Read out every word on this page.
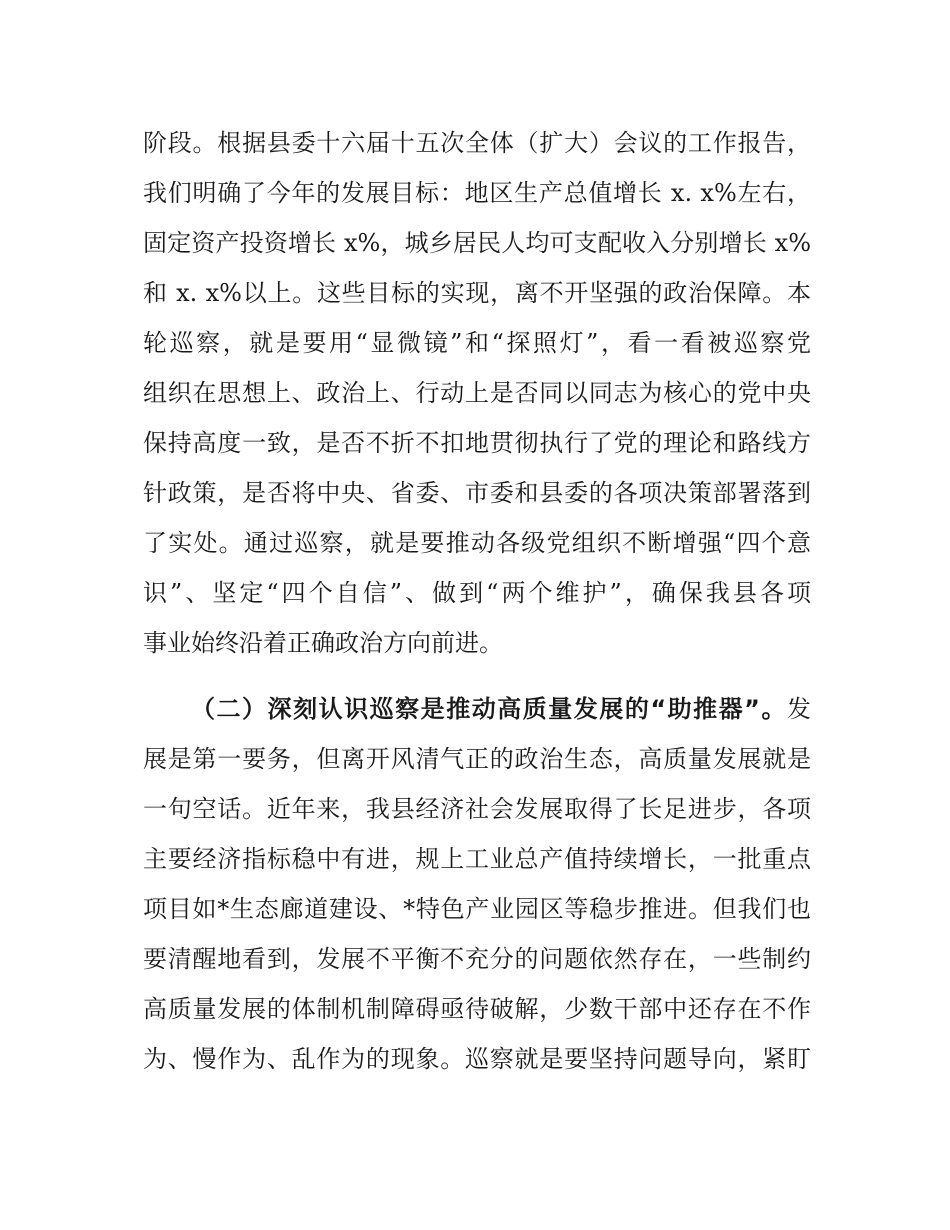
阶段。根据县委十六届十五次全体（扩大）会议的工作报告，
我们明确了今年的发展目标：地区生产总值增长 x. x%左右，
固定资产投资增长 x%，城乡居民人均可支配收入分别增长 x%
和 x. x%以上。这些目标的实现，离不开坚强的政治保障。本
轮巡察，就是要用“显微镜”和“探照灯”，看一看被巡察党
组织在思想上、政治上、行动上是否同以同志为核心的党中央
保持高度一致，是否不折不扣地贯彻执行了党的理论和路线方
针政策，是否将中央、省委、市委和县委的各项决策部署落到
了实处。通过巡察，就是要推动各级党组织不断增强“四个意
识”、坚定“四个自信”、做到“两个维护”，确保我县各项
事业始终沿着正确政治方向前进。
（二）深刻认识巡察是推动高质量发展的“助推器”。发
展是第一要务，但离开风清气正的政治生态，高质量发展就是
一句空话。近年来，我县经济社会发展取得了长足进步，各项
主要经济指标稳中有进，规上工业总产值持续增长，一批重点
项目如*生态廊道建设、*特色产业园区等稳步推进。但我们也
要清醒地看到，发展不平衡不充分的问题依然存在，一些制约
高质量发展的体制机制障碍亟待破解，少数干部中还存在不作
为、慢作为、乱作为的现象。巡察就是要坚持问题导向，紧盯
